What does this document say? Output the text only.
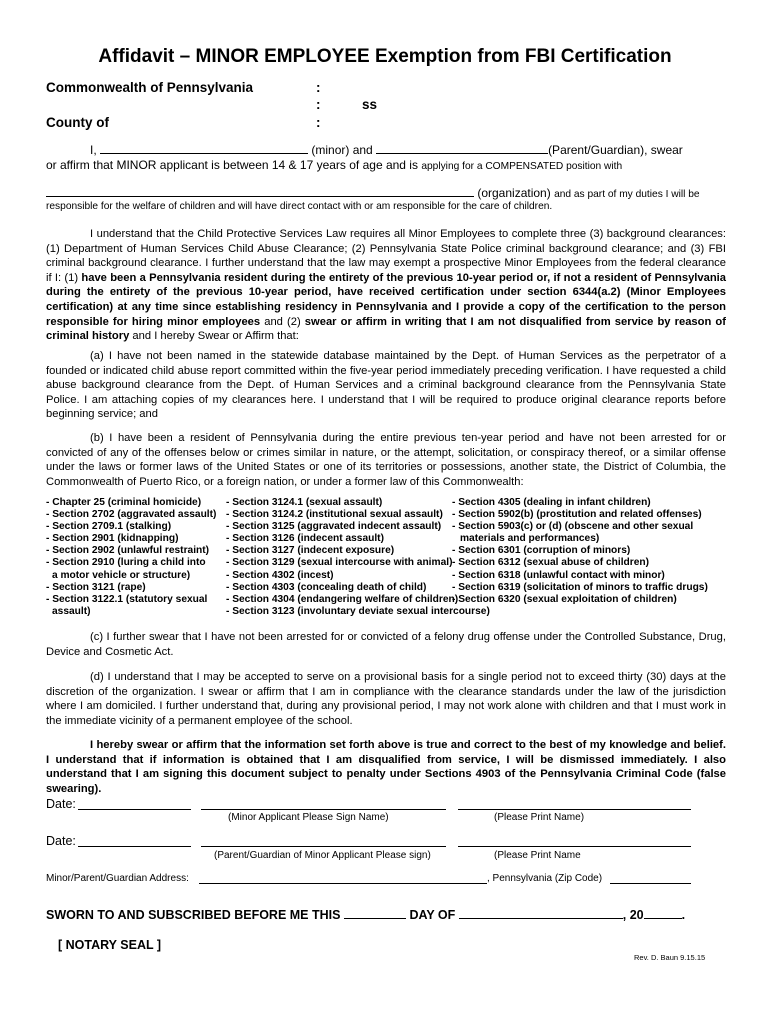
Affidavit – MINOR EMPLOYEE Exemption from FBI Certification
Commonwealth of Pennsylvania	:
:	ss
County of	:
I,	(minor) and	(Parent/Guardian), swear
or affirm that MINOR applicant is between 14 & 17 years of age and is applying for a COMPENSATED position with
(organization) and as part of my duties I will be
responsible for the welfare of children and will have direct contact with or am responsible for the care of children.
I understand that the Child Protective Services Law requires all Minor Employees to complete three (3) background clearances: (1) Department of Human Services Child Abuse Clearance; (2) Pennsylvania State Police criminal background clearance; and (3) FBI criminal background clearance. I further understand that the law may exempt a prospective Minor Employees from the federal clearance if I: (1) have been a Pennsylvania resident during the entirety of the previous 10-year period or, if not a resident of Pennsylvania during the entirety of the previous 10-year period, have received certification under section 6344(a.2) (Minor Employees certification) at any time since establishing residency in Pennsylvania and I provide a copy of the certification to the person responsible for hiring minor employees and (2) swear or affirm in writing that I am not disqualified from service by reason of criminal history and I hereby Swear or Affirm that:
(a) I have not been named in the statewide database maintained by the Dept. of Human Services as the perpetrator of a founded or indicated child abuse report committed within the five-year period immediately preceding verification. I have requested a child abuse background clearance from the Dept. of Human Services and a criminal background clearance from the Pennsylvania State Police. I am attaching copies of my clearances here. I understand that I will be required to produce original clearance reports before beginning service; and
(b) I have been a resident of Pennsylvania during the entire previous ten-year period and have not been arrested for or convicted of any of the offenses below or crimes similar in nature, or the attempt, solicitation, or conspiracy thereof, or a similar offense under the laws or former laws of the United States or one of its territories or possessions, another state, the District of Columbia, the Commonwealth of Puerto Rico, or a foreign nation, or under a former law of this Commonwealth:
- Chapter 25 (criminal homicide)
- Section 2702 (aggravated assault)
- Section 2709.1 (stalking)
- Section 2901 (kidnapping)
- Section 2902 (unlawful restraint)
- Section 2910 (luring a child into
a motor vehicle or structure)
- Section 3121 (rape)
- Section 3122.1 (statutory sexual
assault)
- Section 3124.1 (sexual assault)
- Section 3124.2 (institutional sexual assault)
- Section 3125 (aggravated indecent assault)
- Section 3126 (indecent assault)
- Section 3127 (indecent exposure)
- Section 3129 (sexual intercourse with animal)
- Section 4302 (incest)
- Section 4303 (concealing death of child)
- Section 4304 (endangering welfare of children)
- Section 3123 (involuntary deviate sexual intercourse)
- Section 4305 (dealing in infant children)
- Section 5902(b) (prostitution and related offenses)
- Section 5903(c) or (d) (obscene and other sexual
materials and performances)
- Section 6301 (corruption of minors)
- Section 6312 (sexual abuse of children)
- Section 6318 (unlawful contact with minor)
- Section 6319 (solicitation of minors to traffic drugs)
- Section 6320 (sexual exploitation of children)
(c) I further swear that I have not been arrested for or convicted of a felony drug offense under the Controlled Substance, Drug, Device and Cosmetic Act.
(d) I understand that I may be accepted to serve on a provisional basis for a single period not to exceed thirty (30) days at the discretion of the organization. I swear or affirm that I am in compliance with the clearance standards under the law of the jurisdiction where I am domiciled. I further understand that, during any provisional period, I may not work alone with children and that I must work in the immediate vicinity of a permanent employee of the school.
I hereby swear or affirm that the information set forth above is true and correct to the best of my knowledge and belief. I understand that if information is obtained that I am disqualified from service, I will be dismissed immediately. I also understand that I am signing this document subject to penalty under Sections 4903 of the Pennsylvania Criminal Code (false swearing).
Date:
(Minor Applicant Please Sign Name)	(Please Print Name)
Date:
(Parent/Guardian of Minor Applicant Please sign)	(Please Print Name
Minor/Parent/Guardian Address:	, Pennsylvania (Zip Code)
SWORN TO AND SUBSCRIBED BEFORE ME THIS	DAY OF	, 20	.
[ NOTARY SEAL ]
Rev. D. Baun 9.15.15
